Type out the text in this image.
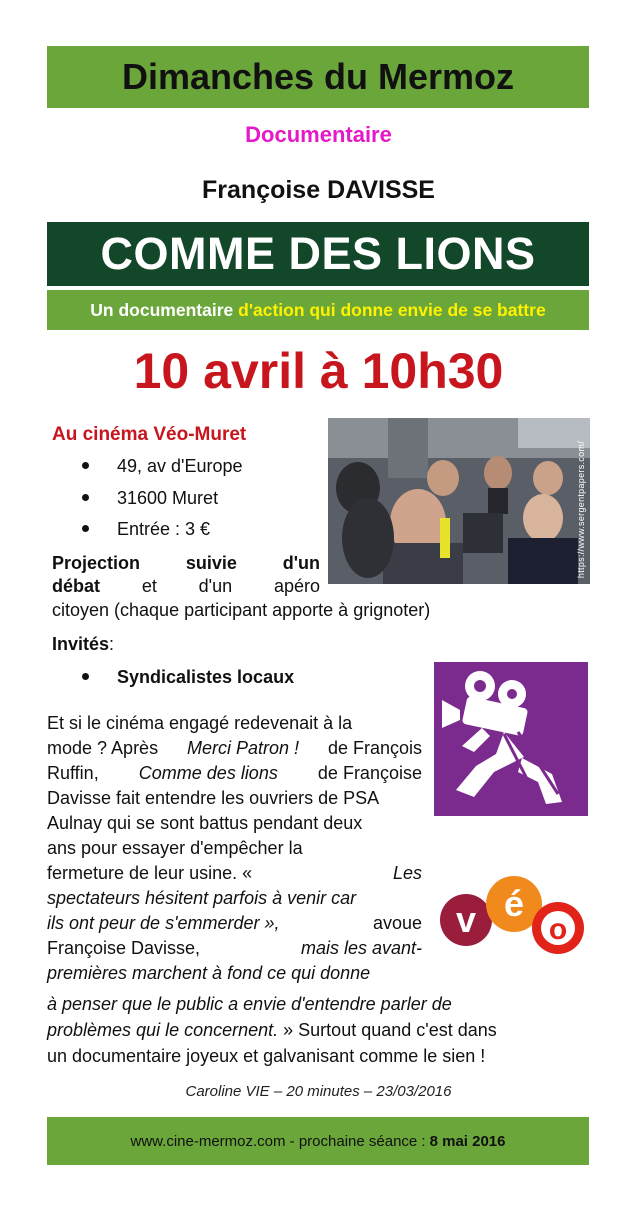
Dimanches du Mermoz
Documentaire
Françoise DAVISSE
COMME DES LIONS
Un documentaire
d'action qui donne envie de se battre
10 avril à 10h30
Au cinéma Véo-Muret
49, av d'Europe
31600 Muret
Entrée : 3 €	https://www.sergentpapers.com/
Projection	suivie	d'un
débat et d'un apéro
citoyen (chaque participant apporte à grignoter)
Invités:
Syndicalistes locaux
v é
o
Et si le cinéma engagé redevenait à la
mode ? Après Merci Patron ! de François
Ruffin, Comme des lions de Françoise
Davisse fait entendre les ouvriers de PSA
Aulnay qui se sont battus pendant deux
ans pour essayer d'empêcher la
fermeture de leur usine. «	Les
spectateurs hésitent parfois à venir car
ils ont peur de s'emmerder »,	avoue
Françoise Davisse,	mais les avant-
premières marchent à fond ce qui donne
à penser que le public a envie d'entendre parler de
problèmes qui le concernent. » Surtout quand c'est dans
un documentaire joyeux et galvanisant comme le sien !
Caroline VIE – 20 minutes – 23/03/2016
www.cine-mermoz.com - prochaine séance : 8 mai 2016
